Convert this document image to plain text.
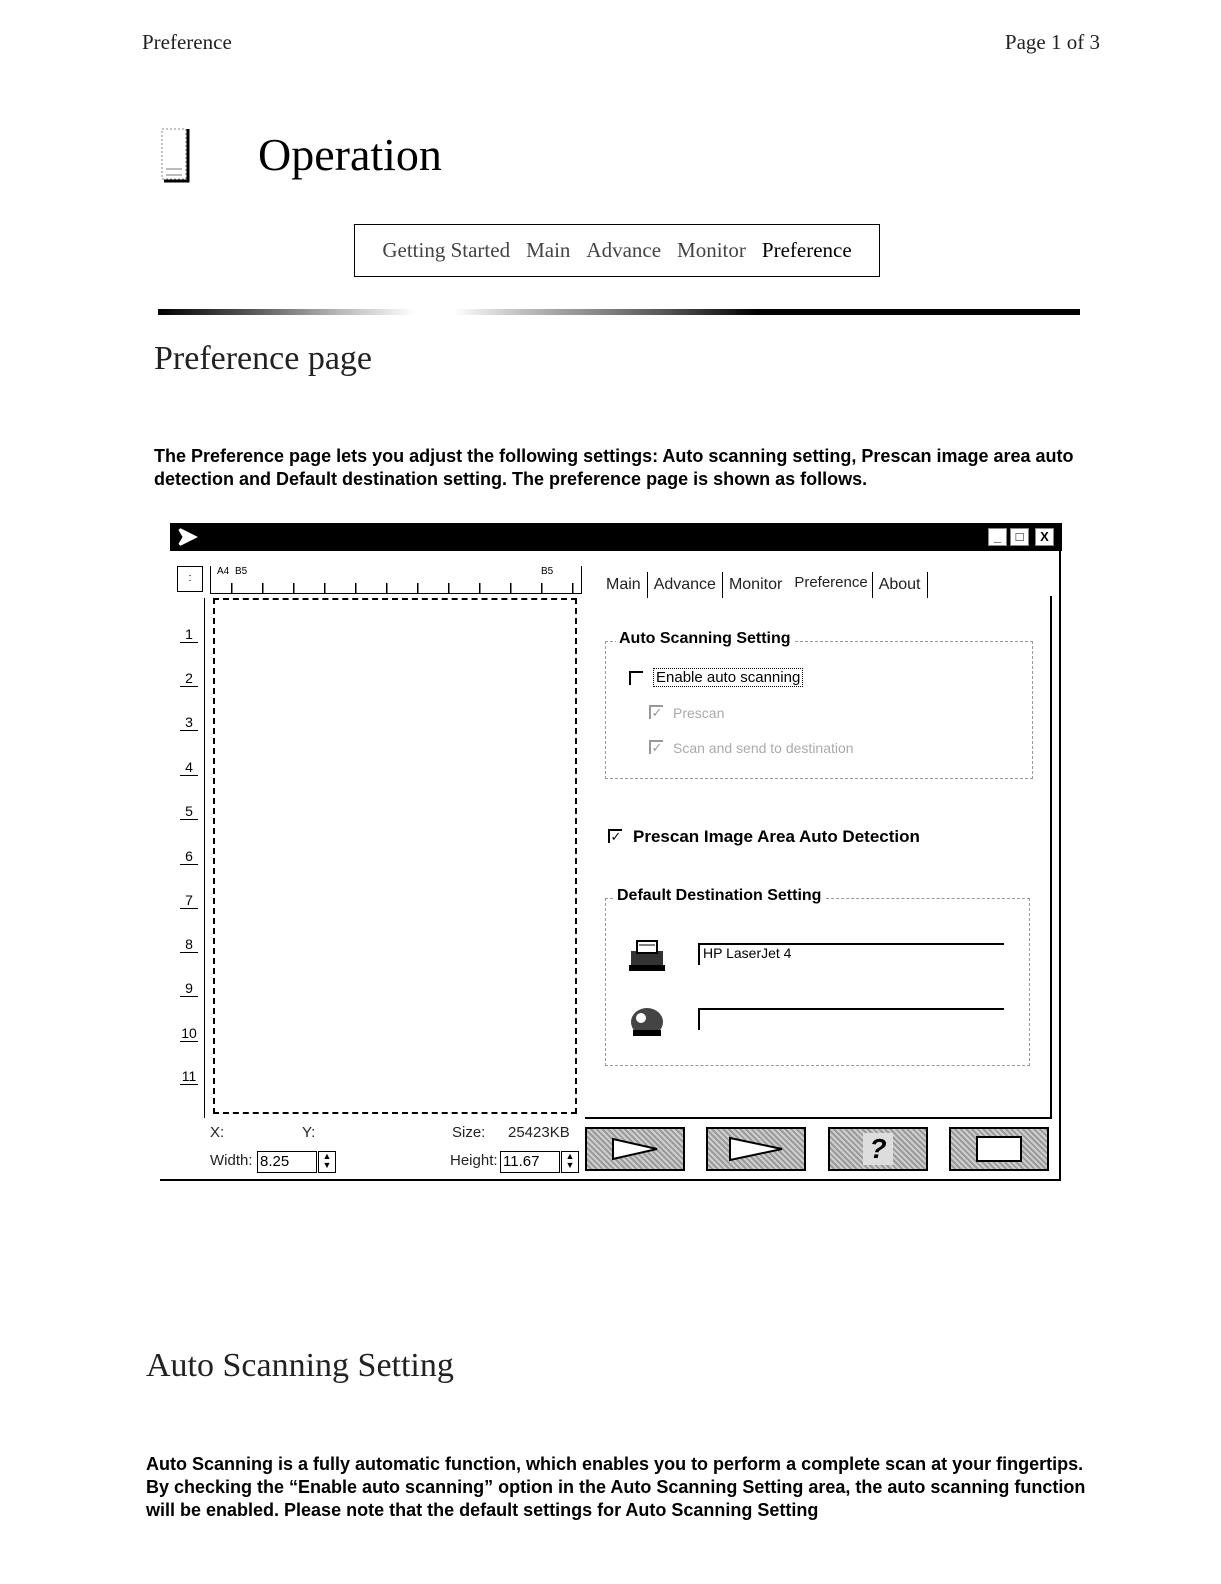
Preference	Page 1 of 3
Operation
Getting Started Main Advance Monitor Preference
Preference page
The Preference page lets you adjust the following settings: Auto scanning setting, Prescan image area auto detection and Default destination setting. The preference page is shown as follows.
_	□	X
:
A4 B5	B5
1
2
3
4
5
6
7
8
9
10
11
X:	Y:	Size: 25423KB
Width: 8.25	▲
▼	Height: 11.67	▲
▼
Main Advance Monitor Preference About
Auto Scanning Setting
Enable auto scanning
✓ Prescan
✓ Scan and send to destination
✓ Prescan Image Area Auto Detection
Default Destination Setting
HP LaserJet 4
?
Auto Scanning Setting
Auto Scanning is a fully automatic function, which enables you to perform a complete scan at your fingertips. By checking the “Enable auto scanning” option in the Auto Scanning Setting area, the auto scanning function will be enabled. Please note that the default settings for Auto Scanning Setting
